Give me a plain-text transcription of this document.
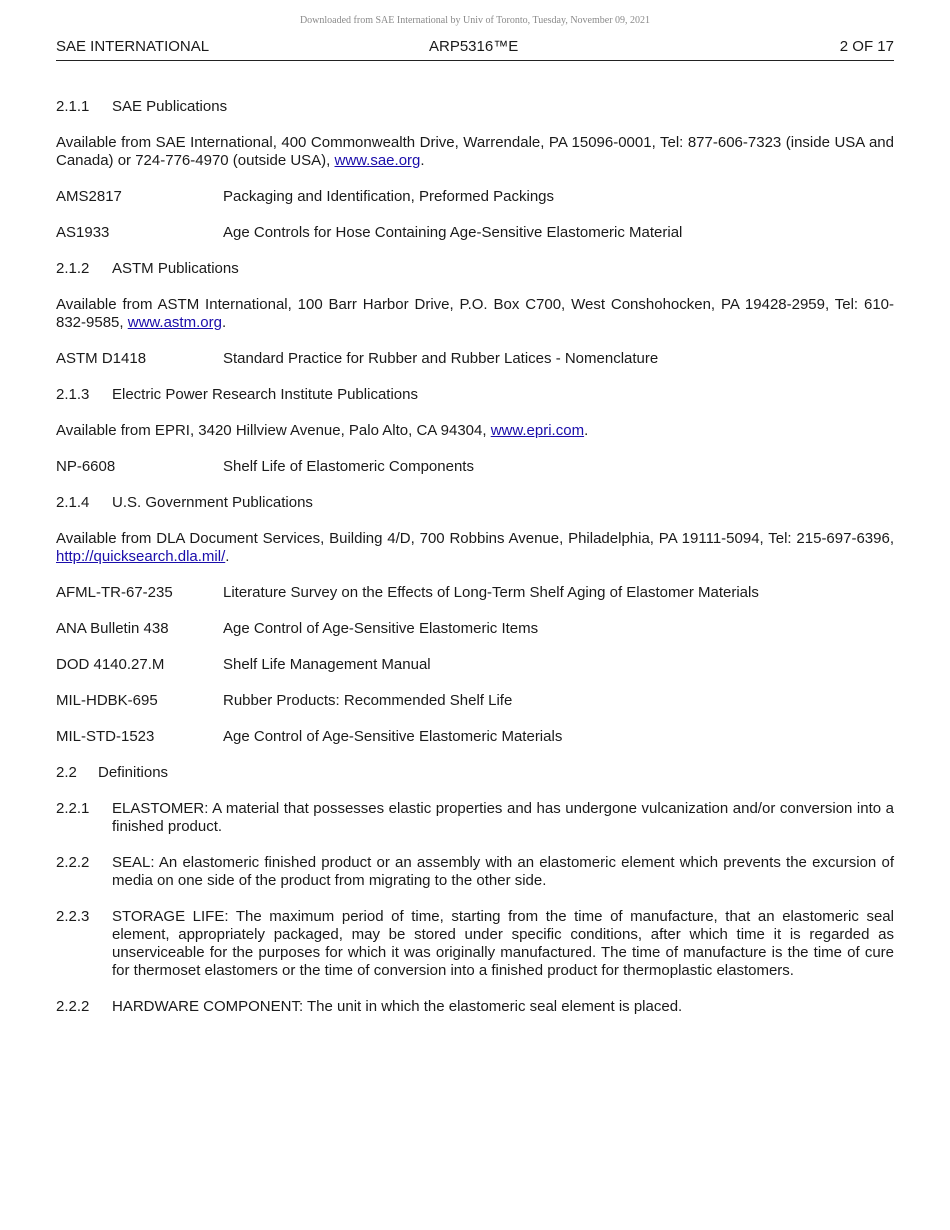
Downloaded from SAE International by Univ of Toronto, Tuesday, November 09, 2021
SAE INTERNATIONAL	ARP5316™E	2 OF 17
2.1.1	SAE Publications

Available from SAE International, 400 Commonwealth Drive, Warrendale, PA 15096-0001, Tel: 877-606-7323 (inside USA and Canada) or 724-776-4970 (outside USA), www.sae.org.

AMS2817	Packaging and Identification, Preformed Packings
AS1933	Age Controls for Hose Containing Age-Sensitive Elastomeric Material
2.1.2	ASTM Publications

Available from ASTM International, 100 Barr Harbor Drive, P.O. Box C700, West Conshohocken, PA 19428-2959, Tel: 610-832-9585, www.astm.org.

ASTM D1418	Standard Practice for Rubber and Rubber Latices - Nomenclature
2.1.3	Electric Power Research Institute Publications

Available from EPRI, 3420 Hillview Avenue, Palo Alto, CA 94304, www.epri.com.

NP-6608	Shelf Life of Elastomeric Components
2.1.4	U.S. Government Publications

Available from DLA Document Services, Building 4/D, 700 Robbins Avenue, Philadelphia, PA 19111-5094, Tel: 215-697-6396, http://quicksearch.dla.mil/.

AFML-TR-67-235	Literature Survey on the Effects of Long-Term Shelf Aging of Elastomer Materials
ANA Bulletin 438	Age Control of Age-Sensitive Elastomeric Items
DOD 4140.27.M	Shelf Life Management Manual
MIL-HDBK-695	Rubber Products: Recommended Shelf Life
MIL-STD-1523	Age Control of Age-Sensitive Elastomeric Materials
2.2	Definitions
2.2.1	ELASTOMER: A material that possesses elastic properties and has undergone vulcanization and/or conversion into a finished product.
2.2.2	SEAL: An elastomeric finished product or an assembly with an elastomeric element which prevents the excursion of media on one side of the product from migrating to the other side.
2.2.3	STORAGE LIFE: The maximum period of time, starting from the time of manufacture, that an elastomeric seal element, appropriately packaged, may be stored under specific conditions, after which time it is regarded as unserviceable for the purposes for which it was originally manufactured. The time of manufacture is the time of cure for thermoset elastomers or the time of conversion into a finished product for thermoplastic elastomers.
2.2.2	HARDWARE COMPONENT: The unit in which the elastomeric seal element is placed.
